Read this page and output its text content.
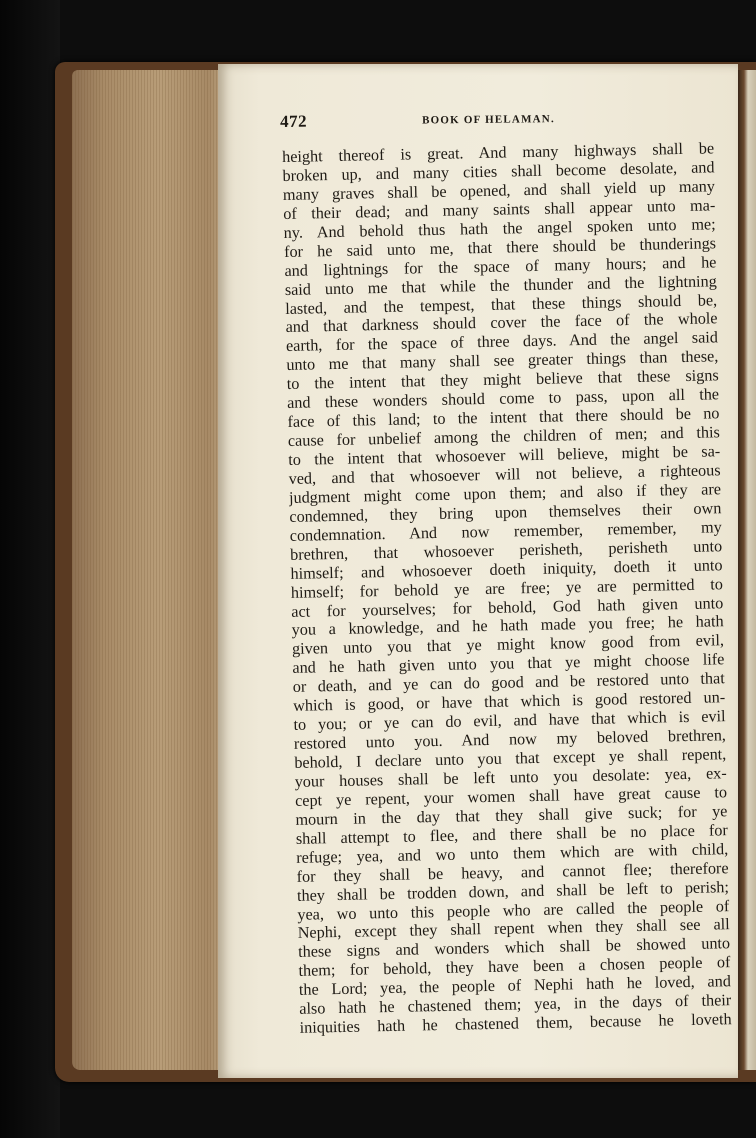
472	BOOK OF HELAMAN.
height thereof is great. And many highways shall be
broken up, and many cities shall become desolate, and
many graves shall be opened, and shall yield up many
of their dead; and many saints shall appear unto ma-
ny. And behold thus hath the angel spoken unto me;
for he said unto me, that there should be thunderings
and lightnings for the space of many hours; and he
said unto me that while the thunder and the lightning
lasted, and the tempest, that these things should be,
and that darkness should cover the face of the whole
earth, for the space of three days. And the angel said
unto me that many shall see greater things than these,
to the intent that they might believe that these signs
and these wonders should come to pass, upon all the
face of this land; to the intent that there should be no
cause for unbelief among the children of men; and this
to the intent that whosoever will believe, might be sa-
ved, and that whosoever will not believe, a righteous
judgment might come upon them; and also if they are
condemned, they bring upon themselves their own
condemnation. And now remember, remember, my
brethren, that whosoever perisheth, perisheth unto
himself; and whosoever doeth iniquity, doeth it unto
himself; for behold ye are free; ye are permitted to
act for yourselves; for behold, God hath given unto
you a knowledge, and he hath made you free; he hath
given unto you that ye might know good from evil,
and he hath given unto you that ye might choose life
or death, and ye can do good and be restored unto that
which is good, or have that which is good restored un-
to you; or ye can do evil, and have that which is evil
restored unto you. And now my beloved brethren,
behold, I declare unto you that except ye shall repent,
your houses shall be left unto you desolate: yea, ex-
cept ye repent, your women shall have great cause to
mourn in the day that they shall give suck; for ye
shall attempt to flee, and there shall be no place for
refuge; yea, and wo unto them which are with child,
for they shall be heavy, and cannot flee; therefore
they shall be trodden down, and shall be left to perish;
yea, wo unto this people who are called the people of
Nephi, except they shall repent when they shall see all
these signs and wonders which shall be showed unto
them; for behold, they have been a chosen people of
the Lord; yea, the people of Nephi hath he loved, and
also hath he chastened them; yea, in the days of their
iniquities hath he chastened them, because he loveth
